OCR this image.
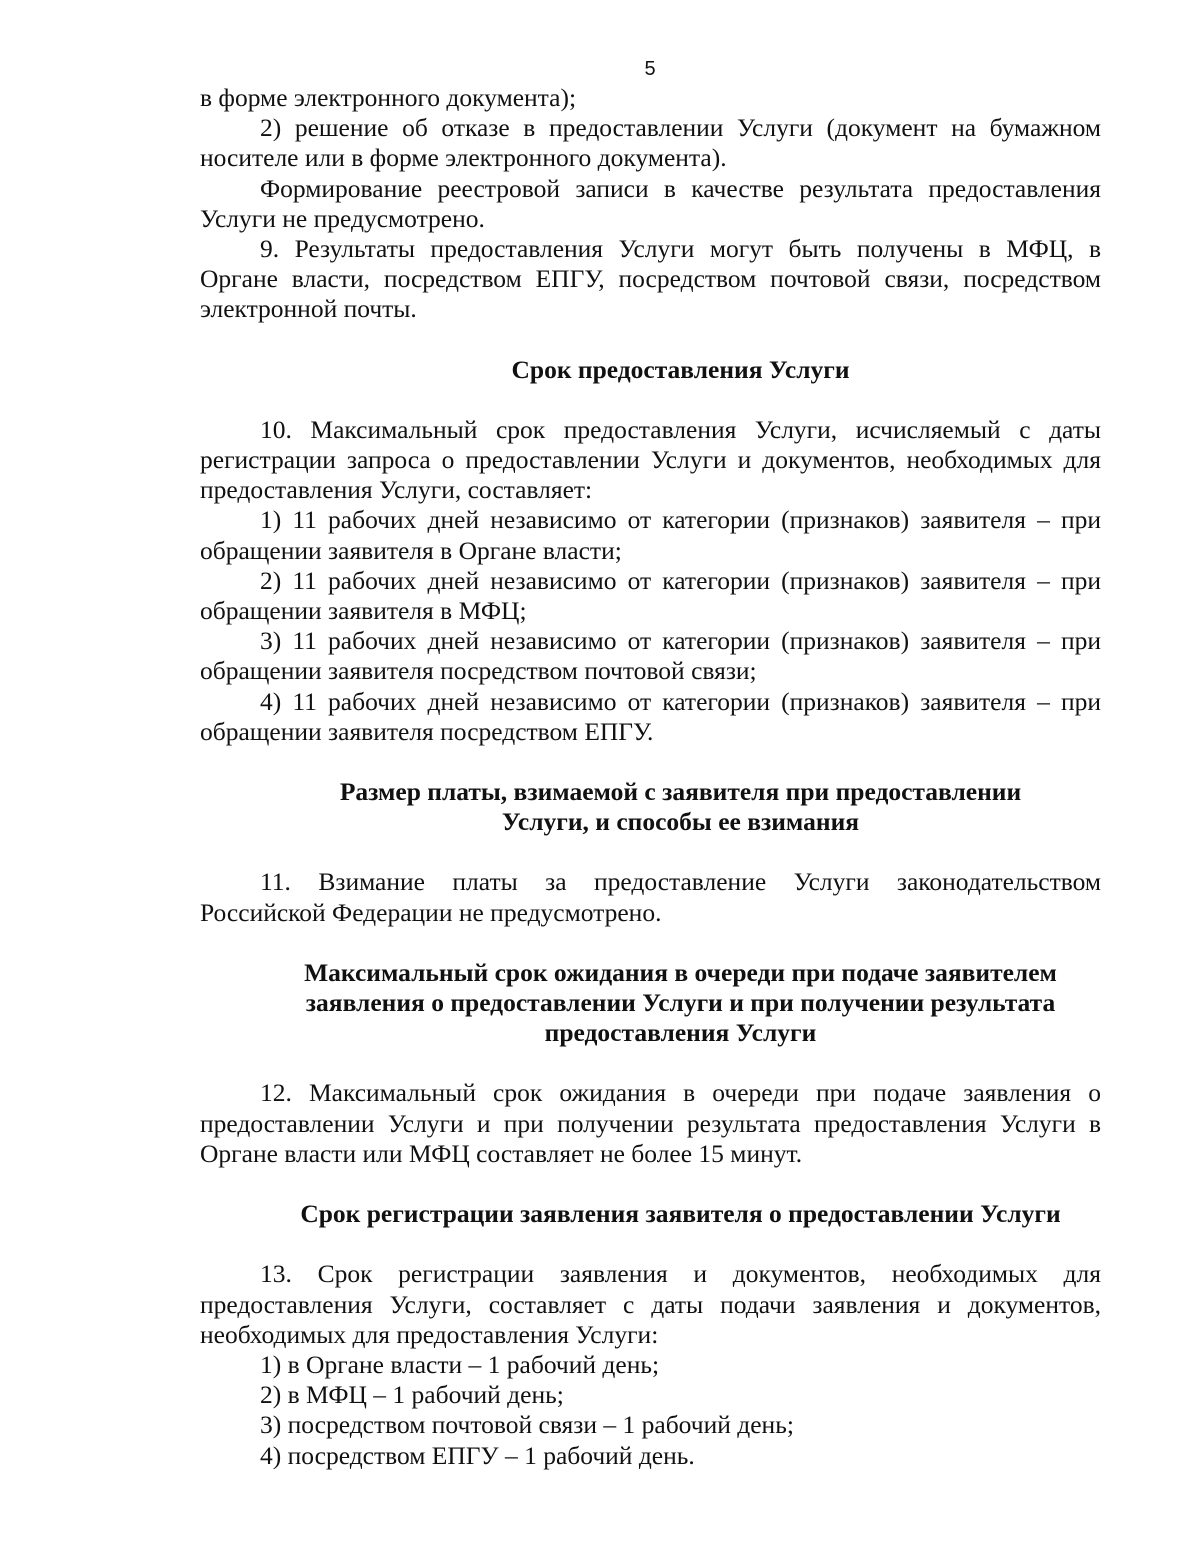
5

в форме электронного документа);

2) решение об отказе в предоставлении Услуги (документ на бумажном носителе или в форме электронного документа).

Формирование реестровой записи в качестве результата предоставления Услуги не предусмотрено.

9. Результаты предоставления Услуги могут быть получены в МФЦ, в Органе власти, посредством ЕПГУ, посредством почтовой связи, посредством электронной почты.

Срок предоставления Услуги

10. Максимальный срок предоставления Услуги, исчисляемый с даты регистрации запроса о предоставлении Услуги и документов, необходимых для предоставления Услуги, составляет:

1) 11 рабочих дней независимо от категории (признаков) заявителя – при обращении заявителя в Органе власти;

2) 11 рабочих дней независимо от категории (признаков) заявителя – при обращении заявителя в МФЦ;

3) 11 рабочих дней независимо от категории (признаков) заявителя – при обращении заявителя посредством почтовой связи;

4) 11 рабочих дней независимо от категории (признаков) заявителя – при обращении заявителя посредством ЕПГУ.

Размер платы, взимаемой с заявителя при предоставлении
Услуги, и способы ее взимания

11. Взимание платы за предоставление Услуги законодательством Российской Федерации не предусмотрено.

Максимальный срок ожидания в очереди при подаче заявителем
заявления о предоставлении Услуги и при получении результата
предоставления Услуги

12. Максимальный срок ожидания в очереди при подаче заявления о предоставлении Услуги и при получении результата предоставления Услуги в Органе власти или МФЦ составляет не более 15 минут.

Срок регистрации заявления заявителя о предоставлении Услуги

13. Срок регистрации заявления и документов, необходимых для предоставления Услуги, составляет с даты подачи заявления и документов, необходимых для предоставления Услуги:

1) в Органе власти – 1 рабочий день;

2) в МФЦ – 1 рабочий день;

3) посредством почтовой связи – 1 рабочий день;

4) посредством ЕПГУ – 1 рабочий день.
